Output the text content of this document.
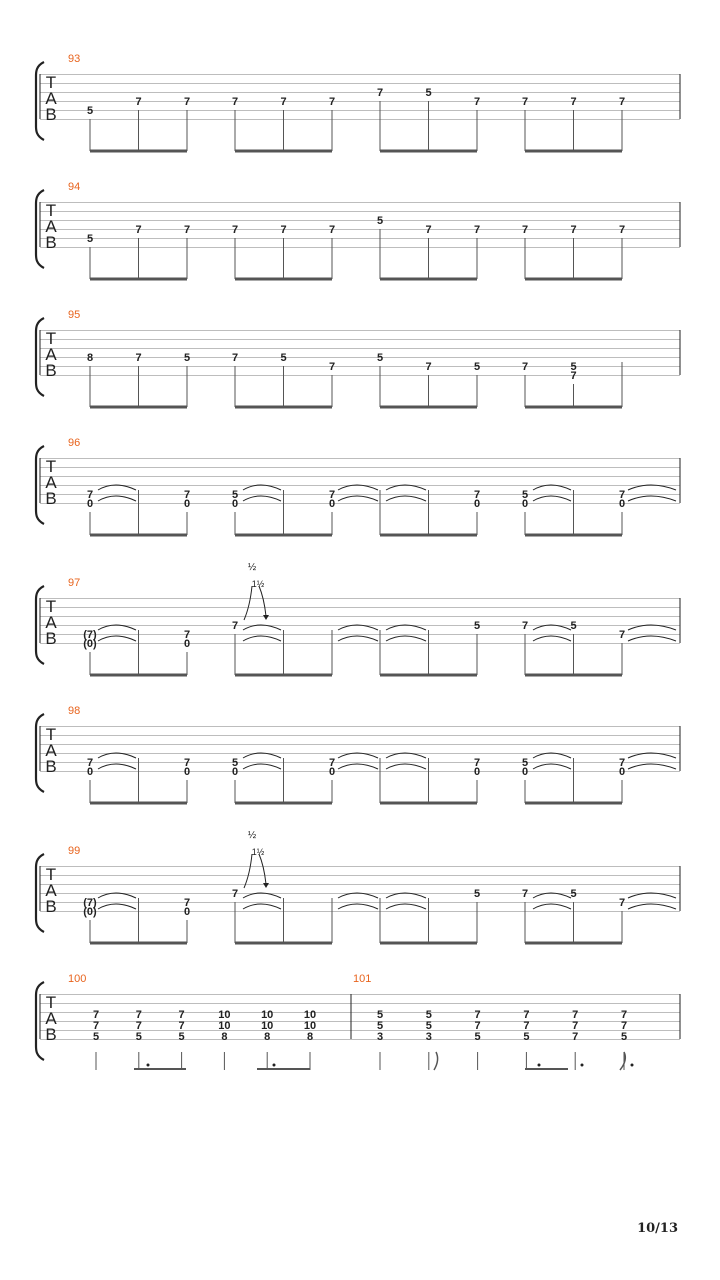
T
A
B
93
5
7	7	7	7	7
7	5
7	7	7	7
T
A
B
94
5
7	7	7	7	7
5
7	7	7	7	7
T
A
B
95
8	7	5	7	5
7
5
7	5	7	5
7
T
A
B
96
7
0
7
0
5
0
7
0
7
0
5
0
7
0
T
A
B
97
(7)
(0)
7
0
7	5	7	5
7
½
1½
T
A
B
98
7
0
7
0
5
0
7
0
7
0
5
0
7
0
T
A
B
99
(7)
(0)
7
0
7	5	7	5
7
½
1½
T
A
B
100
7
7
5
7
7
5
7
7
5
10
10
8
10
10
8
10
10
8
101
5
5
3
5
5
3
7
7
5
7
7
5
7
7
7
7
7
5
10/13
